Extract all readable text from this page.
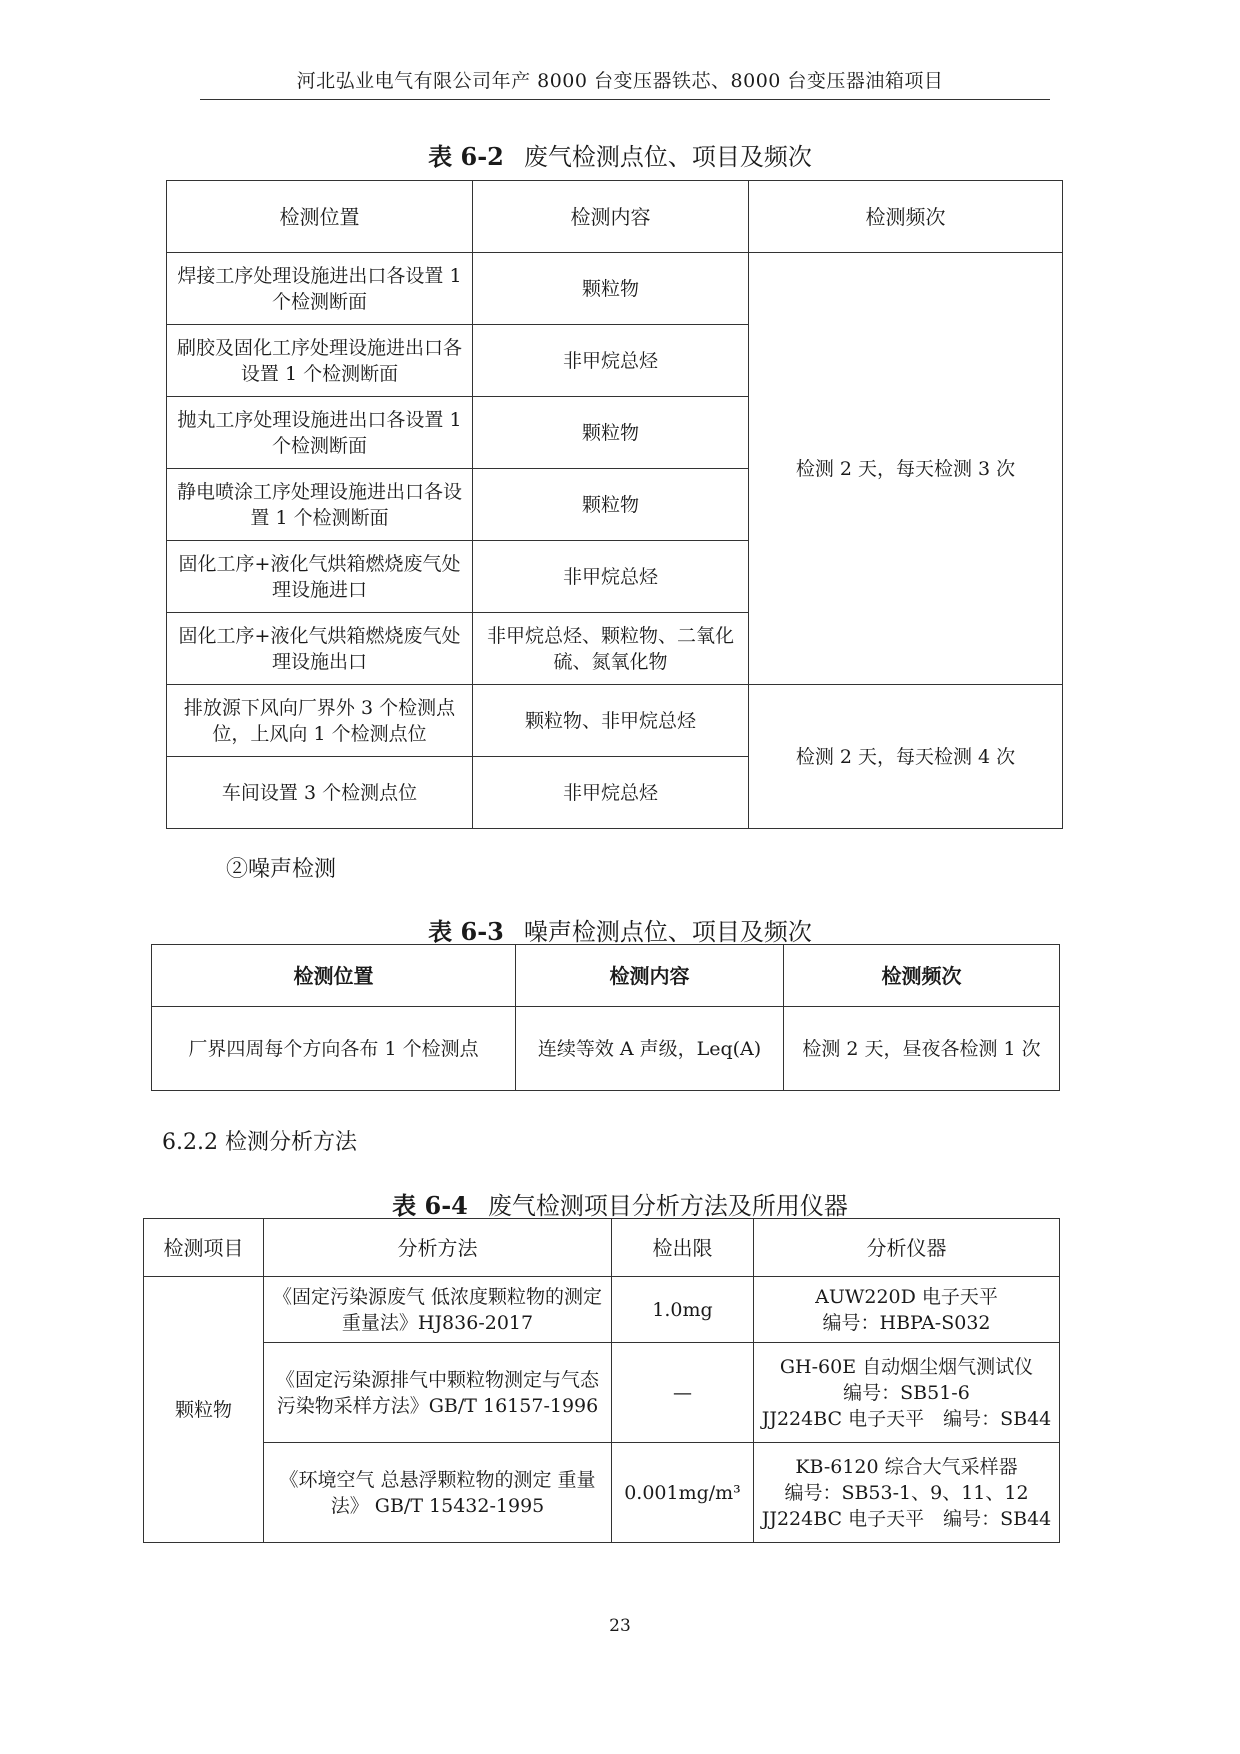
河北弘业电气有限公司年产 8000 台变压器铁芯、8000 台变压器油箱项目
表 6-2 废气检测点位、项目及频次
检测位置	检测内容	检测频次
焊接工序处理设施进出口各设置 1 个检测断面	颗粒物	检测 2 天，每天检测 3 次
刷胶及固化工序处理设施进出口各设置 1 个检测断面	非甲烷总烃	
抛丸工序处理设施进出口各设置 1 个检测断面	颗粒物	
静电喷涂工序处理设施进出口各设置 1 个检测断面	颗粒物	
固化工序+液化气烘箱燃烧废气处理设施进口	非甲烷总烃	
固化工序+液化气烘箱燃烧废气处理设施出口	非甲烷总烃、颗粒物、二氧化硫、氮氧化物	
排放源下风向厂界外 3 个检测点位，上风向 1 个检测点位	颗粒物、非甲烷总烃	检测 2 天，每天检测 4 次
车间设置 3 个检测点位	非甲烷总烃	
②噪声检测
表 6-3 噪声检测点位、项目及频次
检测位置	检测内容	检测频次
厂界四周每个方向各布 1 个检测点	连续等效 A 声级，Leq(A)	检测 2 天，昼夜各检测 1 次
6.2.2 检测分析方法
表 6-4 废气检测项目分析方法及所用仪器
检测项目	分析方法	检出限	分析仪器
颗粒物	《固定污染源废气 低浓度颗粒物的测定 重量法》HJ836-2017	1.0mg	AUW220D 电子天平
编号：HBPA-S032

	《固定污染源排气中颗粒物测定与气态污染物采样方法》GB/T 16157-1996	—	GH-60E 自动烟尘烟气测试仪
编号：SB51-6
JJ224BC 电子天平　编号：SB44

	《环境空气 总悬浮颗粒物的测定 重量法》 GB/T 15432-1995	0.001mg/m³	KB-6120 综合大气采样器
编号：SB53-1、9、11、12
JJ224BC 电子天平　编号：SB44
23
